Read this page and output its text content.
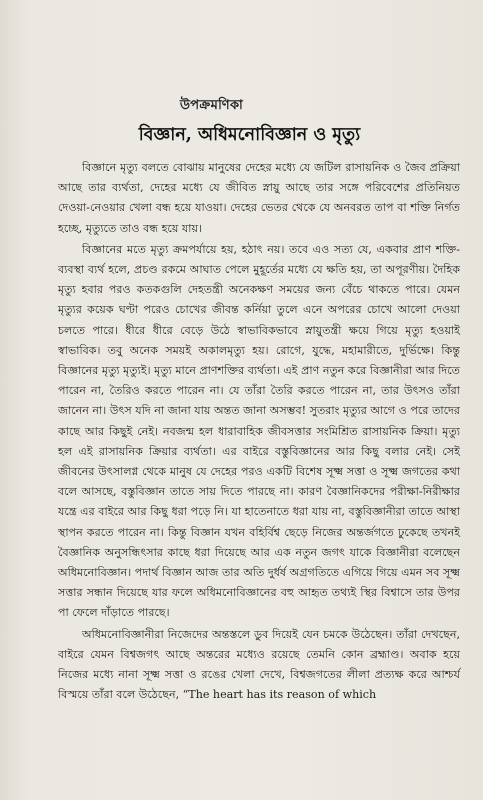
উপক্রমণিকা
বিজ্ঞান, অধিমনোবিজ্ঞান ও মৃত্যু

বিজ্ঞানে মৃত্যু বলতে বোঝায় মানুষের দেহের মধ্যে যে জটিল রাসায়নিক ও জৈব প্রক্রিয়া আছে তার ব্যর্থতা, দেহের মধ্যে যে জীবিত স্নায়ু আছে তার সঙ্গে পরিবেশের প্রতিনিয়ত দেওয়া-নেওয়ার খেলা বন্ধ হয়ে যাওয়া। দেহের ভেতর থেকে যে অনবরত তাপ বা শক্তি নির্গত হচ্ছে, মৃত্যুতে তাও বন্ধ হয়ে যায়।

বিজ্ঞানের মতে মৃত্যু ক্রমপর্যায়ে হয়, হঠাৎ নয়। তবে এও সত্য যে, একবার প্রাণ শক্তি-ব্যবস্থা ব্যর্থ হলে, প্রচণ্ড রকমে আঘাত পেলে মুহূর্তের মধ্যে যে ক্ষতি হয়, তা অপূরণীয়। দৈহিক মৃত্যু হবার পরও কতকগুলি দেহতন্ত্রী অনেকক্ষণ সময়ের জন্য বেঁচে থাকতে পারে। যেমন মৃত্যুর কয়েক ঘণ্টা পরেও চোখের জীবন্ত কর্নিয়া তুলে এনে অপরের চোখে আলো দেওয়া চলতে পারে। ধীরে ধীরে বেড়ে উঠে স্বাভাবিকভাবে স্নায়ুতন্ত্রী ক্ষয়ে গিয়ে মৃত্যু হওয়াই স্বাভাবিক। তবু অনেক সময়ই অকালমৃত্যু হয়। রোগে, যুদ্ধে, মহামারীতে, দুর্ভিক্ষে। কিন্তু বিজ্ঞানের মৃত্যু মৃত্যুই। মৃত্যু মানে প্রাণশক্তির ব্যর্থতা। এই প্রাণ নতুন করে বিজ্ঞানীরা আর দিতে পারেন না, তৈরিও করতে পারেন না। যে তাঁরা তৈরি করতে পারেন না, তার উৎসও তাঁরা জানেন না। উৎস যদি না জানা যায় অন্তত জানা অসম্ভব! সুতরাং মৃত্যুর আগে ও পরে তাদের কাছে আর কিছুই নেই। নবজন্ম হল ধারাবাহিক জীবসত্তার সংমিশ্রিত রাসায়নিক ক্রিয়া। মৃত্যু হল এই রাসায়নিক ক্রিয়ার ব্যর্থতা। এর বাইরে বস্তুবিজ্ঞানের আর কিছু বলার নেই। সেই জীবনের উৎসালগ্ন থেকে মানুষ যে দেহের পরও একটি বিশেষ সূক্ষ্ম সত্তা ও সূক্ষ্ম জগতের কথা বলে আসছে, বস্তুবিজ্ঞান তাতে সায় দিতে পারছে না। কারণ বৈজ্ঞানিকদের পরীক্ষা-নিরীক্ষার যন্ত্রে এর বাইরে আর কিছু ধরা পড়ে নি। যা হাতেনাতে ধরা যায় না, বস্তুবিজ্ঞানীরা তাতে আস্থা স্থাপন করতে পারেন না। কিন্তু বিজ্ঞান যখন বহির্বিশ্ব ছেড়ে নিজের অন্তর্জগতে ঢুকেছে তখনই বৈজ্ঞানিক অনুসন্ধিৎসার কাছে ধরা দিয়েছে আর এক নতুন জগৎ যাকে বিজ্ঞানীরা বলেছেন অধিমনোবিজ্ঞান। পদার্থ বিজ্ঞান আজ তার অতি দুর্ধর্ষ অগ্রগতিতে এগিয়ে গিয়ে এমন সব সূক্ষ্ম সত্তার সন্ধান দিয়েছে যার ফলে অধিমনোবিজ্ঞানের বহু আহৃত তথ্যই স্থির বিশ্বাসে তার উপর পা ফেলে দাঁড়াতে পারছে।

অধিমনোবিজ্ঞানীরা নিজেদের অন্তস্তলে ডুব দিয়েই যেন চমকে উঠেছেন। তাঁরা দেখছেন, বাইরে যেমন বিশ্বজগৎ আছে অন্তরের মধ্যেও রয়েছে তেমনি কোন ব্রহ্মাণ্ড। অবাক হয়ে নিজের মধ্যে নানা সূক্ষ্ম সত্তা ও রঙের খেলা দেখে, বিশ্বজগতের লীলা প্রত্যক্ষ করে আশ্চর্য বিস্ময়ে তাঁরা বলে উঠেছেন, “The heart has its reason of which
